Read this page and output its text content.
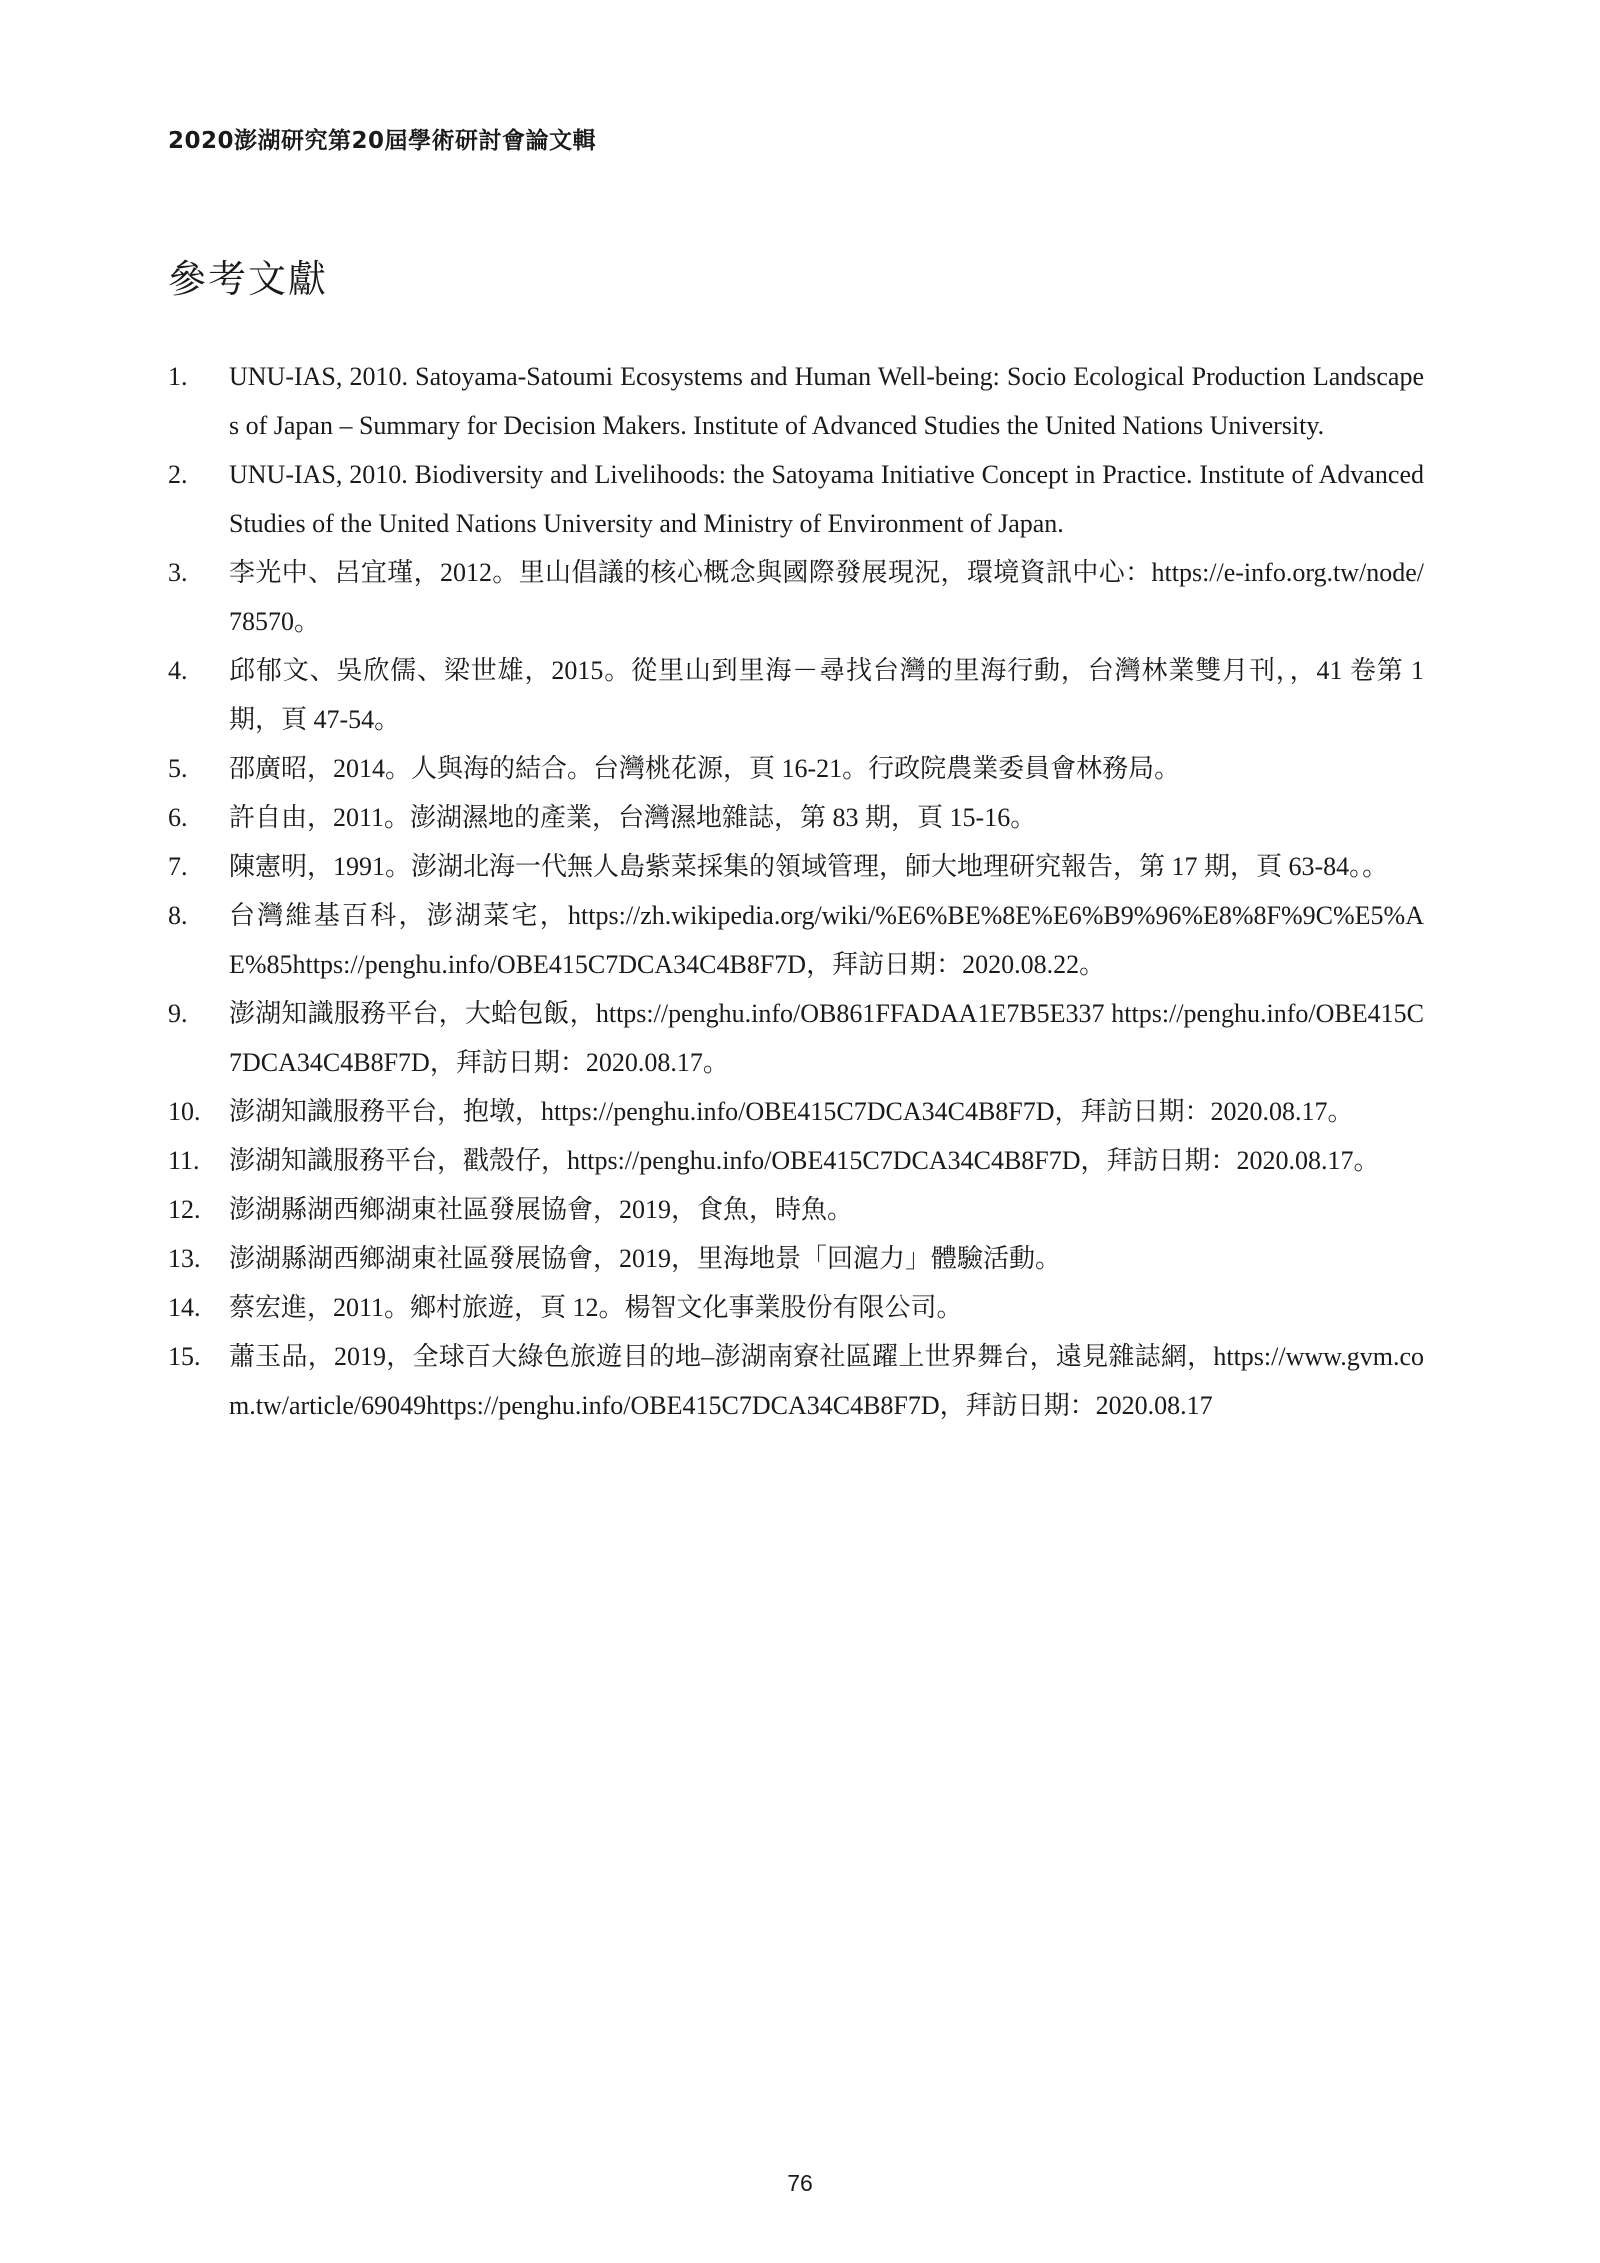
2020澎湖研究第20屆學術研討會論文輯
參考文獻
1. UNU-IAS, 2010. Satoyama-Satoumi Ecosystems and Human Well-being: Socio Ecological Production Landscapes of Japan – Summary for Decision Makers. Institute of Advanced Studies the United Nations University.
2. UNU-IAS, 2010. Biodiversity and Livelihoods: the Satoyama Initiative Concept in Practice. Institute of Advanced Studies of the United Nations University and Ministry of Environment of Japan.
3. 李光中、呂宜瑾，2012。里山倡議的核心概念與國際發展現況，環境資訊中心：https://e-info.org.tw/node/78570。
4. 邱郁文、吳欣儒、梁世雄，2015。從里山到里海－尋找台灣的里海行動，台灣林業雙月刊，，41 卷第 1 期，頁 47-54。
5. 邵廣昭，2014。人與海的結合。台灣桃花源，頁 16-21。行政院農業委員會林務局。
6. 許自由，2011。澎湖濕地的產業，台灣濕地雜誌，第 83 期，頁 15-16。
7. 陳憲明，1991。澎湖北海一代無人島紫菜採集的領域管理，師大地理研究報告，第 17 期，頁 63-84。。
8. 台灣維基百科，澎湖菜宅，https://zh.wikipedia.org/wiki/%E6%BE%8E%E6%B9%96%E8%8F%9C%E5%AE%85https://penghu.info/OBE415C7DCA34C4B8F7D，拜訪日期：2020.08.22。
9. 澎湖知識服務平台，大蛤包飯，https://penghu.info/OB861FFADAA1E7B5E337 https://penghu.info/OBE415C7DCA34C4B8F7D，拜訪日期：2020.08.17。
10. 澎湖知識服務平台，抱墩，https://penghu.info/OBE415C7DCA34C4B8F7D，拜訪日期：2020.08.17。
11. 澎湖知識服務平台，戳殼仔，https://penghu.info/OBE415C7DCA34C4B8F7D，拜訪日期：2020.08.17。
12. 澎湖縣湖西鄉湖東社區發展協會，2019，食魚，時魚。
13. 澎湖縣湖西鄉湖東社區發展協會，2019，里海地景「回滬力」體驗活動。
14. 蔡宏進，2011。鄉村旅遊，頁 12。楊智文化事業股份有限公司。
15. 蕭玉品，2019，全球百大綠色旅遊目的地–澎湖南寮社區躍上世界舞台，遠見雜誌網，https://www.gvm.com.tw/article/69049https://penghu.info/OBE415C7DCA34C4B8F7D，拜訪日期：2020.08.17
76
